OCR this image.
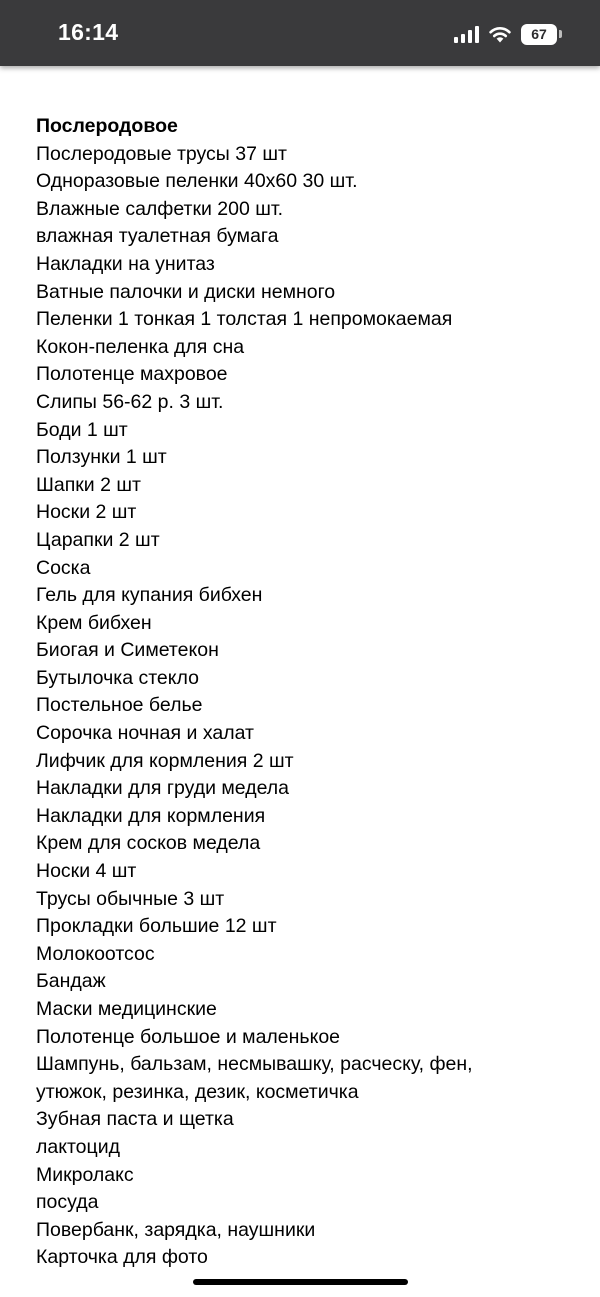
16:14	67
Послеродовое
Послеродовые трусы 37 шт
Одноразовые пеленки 40х60 30 шт.
Влажные салфетки 200 шт.
влажная туалетная бумага
Накладки на унитаз
Ватные палочки и диски немного
Пеленки 1 тонкая 1 толстая 1 непромокаемая
Кокон-пеленка для сна
Полотенце махровое
Слипы 56-62 р. 3 шт.
Боди 1 шт
Ползунки 1 шт
Шапки 2 шт
Носки 2 шт
Царапки 2 шт
Соска
Гель для купания бибхен
Крем бибхен
Биогая и Симетекон
Бутылочка стекло
Постельное белье
Сорочка ночная и халат
Лифчик для кормления 2 шт
Накладки для груди медела
Накладки для кормления
Крем для сосков медела
Носки 4 шт
Трусы обычные 3 шт
Прокладки большие 12 шт
Молокоотсос
Бандаж
Маски медицинские
Полотенце большое и маленькое
Шампунь, бальзам, несмывашку, расческу, фен,
утюжок, резинка, дезик, косметичка
Зубная паста и щетка
лактоцид
Микролакс
посуда
Повербанк, зарядка, наушники
Карточка для фото
